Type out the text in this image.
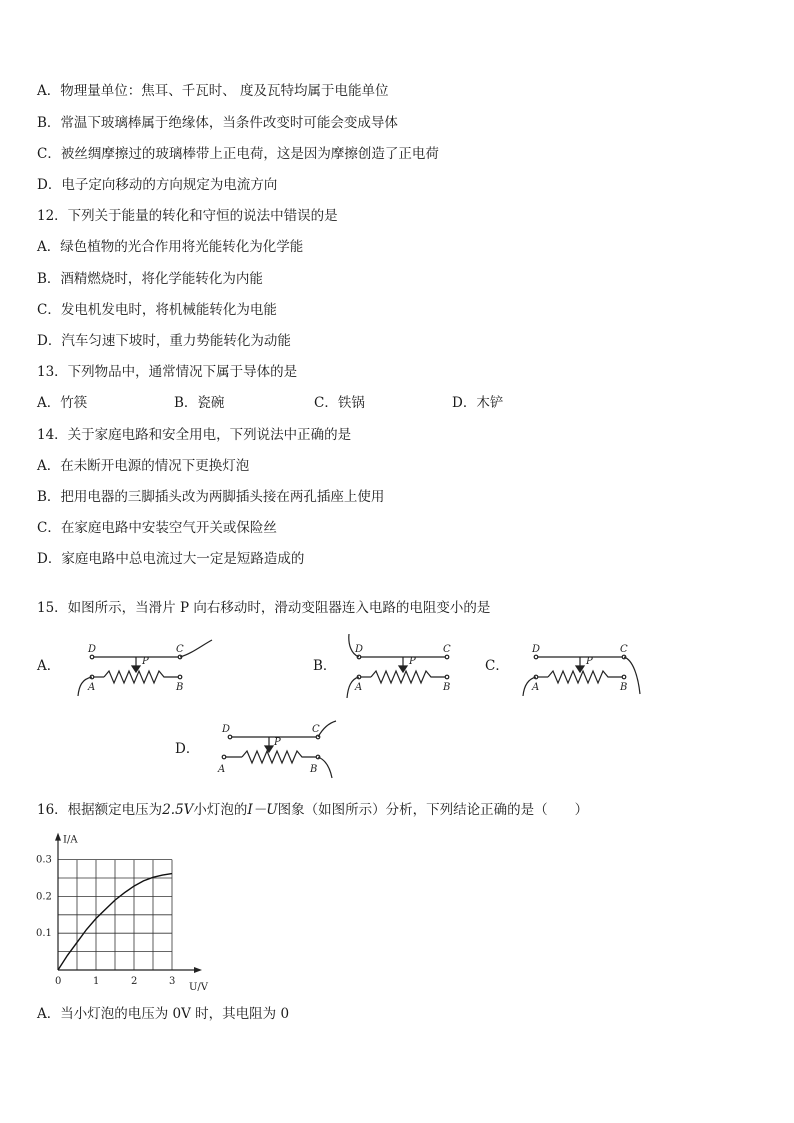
A．物理量单位：焦耳、千瓦时、 度及瓦特均属于电能单位
B．常温下玻璃棒属于绝缘体，当条件改变时可能会变成导体
C．被丝绸摩擦过的玻璃棒带上正电荷，这是因为摩擦创造了正电荷
D．电子定向移动的方向规定为电流方向
12．下列关于能量的转化和守恒的说法中错误的是
A．绿色植物的光合作用将光能转化为化学能
B．酒精燃烧时，将化学能转化为内能
C．发电机发电时，将机械能转化为电能
D．汽车匀速下坡时，重力势能转化为动能
13．下列物品中，通常情况下属于导体的是
A．竹筷	B．瓷碗	C．铁锅	D．木铲
14．关于家庭电路和安全用电，下列说法中正确的是
A．在未断开电源的情况下更换灯泡
B．把用电器的三脚插头改为两脚插头接在两孔插座上使用
C．在家庭电路中安装空气开关或保险丝
D．家庭电路中总电流过大一定是短路造成的
15．如图所示，当滑片 P 向右移动时，滑动变阻器连入电路的电阻变小的是
A．	B．	C．
D．
D	C
P
A	B
D	C
P
A	B
D	C
P
A	B
D	C
P
A	B
16．根据额定电压为2.5V小灯泡的I－U图象（如图所示）分析，下列结论正确的是（　　）
I/A
U/V
0	1	2	3
0.1
0.2
0.3
A．当小灯泡的电压为 0V 时，其电阻为 0
